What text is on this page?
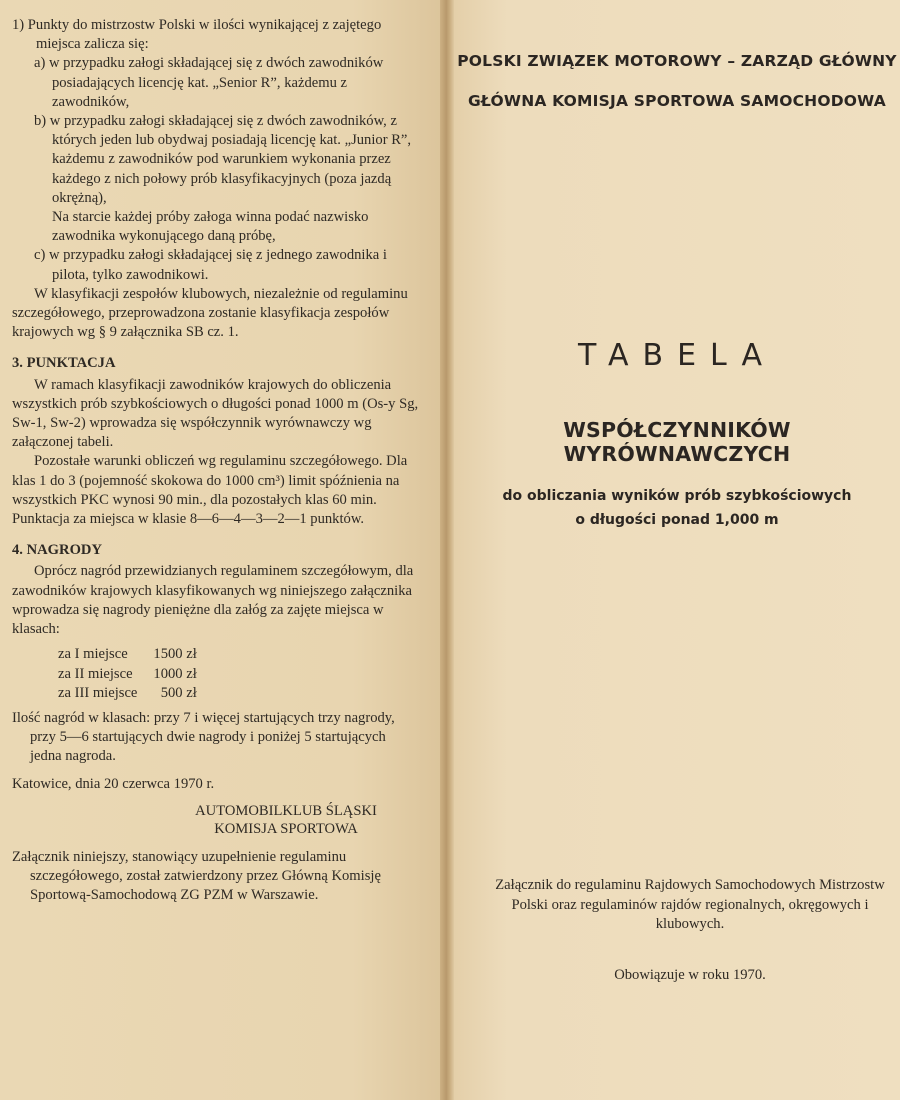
1) Punkty do mistrzostw Polski w ilości wynikającej z zajętego miejsca zalicza się:

a) w przypadku załogi składającej się z dwóch zawodników posiadających licencję kat. „Senior R”, każdemu z zawodników,

b) w przypadku załogi składającej się z dwóch zawodników, z których jeden lub obydwaj posiadają licencję kat. „Junior R”, każdemu z zawodników pod warunkiem wykonania przez każdego z nich połowy prób klasyfikacyjnych (poza jazdą okrężną),

Na starcie każdej próby załoga winna podać nazwisko zawodnika wykonującego daną próbę,

c) w przypadku załogi składającej się z jednego zawodnika i pilota, tylko zawodnikowi.

W klasyfikacji zespołów klubowych, niezależnie od regulaminu szczegółowego, przeprowadzona zostanie klasyfikacja zespołów krajowych wg § 9 załącznika SB cz. 1.

3. PUNKTACJA

W ramach klasyfikacji zawodników krajowych do obliczenia wszystkich prób szybkościowych o długości ponad 1000 m (Os-y Sg, Sw-1, Sw-2) wprowadza się współczynnik wyrównawczy wg załączonej tabeli.

Pozostałe warunki obliczeń wg regulaminu szczegółowego. Dla klas 1 do 3 (pojemność skokowa do 1000 cm³) limit spóźnienia na wszystkich PKC wynosi 90 min., dla pozostałych klas 60 min.

Punktacja za miejsca w klasie 8—6—4—3—2—1 punktów.

4. NAGRODY

Oprócz nagród przewidzianych regulaminem szczegółowym, dla zawodników krajowych klasyfikowanych wg niniejszego załącznika wprowadza się nagrody pieniężne dla załóg za zajęte miejsca w klasach:

za I miejsce	1500 zł
za II miejsce	1000 zł
za III miejsce	500 zł

Ilość nagród w klasach: przy 7 i więcej startujących trzy nagrody, przy 5—6 startujących dwie nagrody i poniżej 5 startujących jedna nagroda.

Katowice, dnia 20 czerwca 1970 r.

AUTOMOBILKLUB ŚLĄSKI
KOMISJA SPORTOWA

Załącznik niniejszy, stanowiący uzupełnienie regulaminu szczegółowego, został zatwierdzony przez Główną Komisję Sportową-Samochodową ZG PZM w Warszawie.

POLSKI ZWIĄZEK MOTOROWY – ZARZĄD GŁÓWNY
GŁÓWNA KOMISJA SPORTOWA SAMOCHODOWA
TABELA
WSPÓŁCZYNNIKÓW WYRÓWNAWCZYCH
do obliczania wyników prób szybkościowych
o długości ponad 1,000 m
Załącznik do regulaminu Rajdowych Samochodowych Mistrzostw Polski oraz regulaminów rajdów regionalnych, okręgowych i klubowych.
Obowiązuje w roku 1970.
